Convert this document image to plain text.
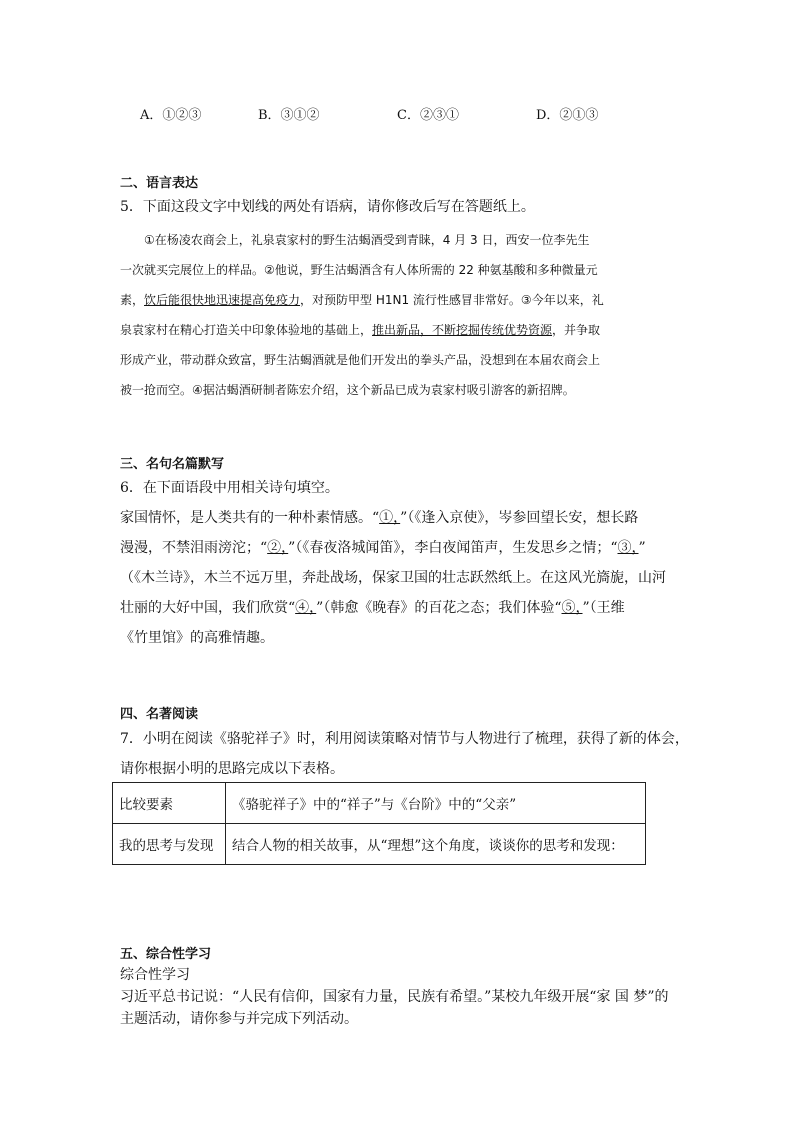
A．①②③	B．③①②	C．②③①	D．②①③
二、语言表达
5．下面这段文字中划线的两处有语病，请你修改后写在答题纸上。
　　①在杨凌农商会上，礼泉袁家村的野生沽蝎酒受到青睐，4 月 3 日，西安一位李先生
一次就买完展位上的样品。②他说，野生沽蝎酒含有人体所需的 22 种氨基酸和多种微量元
素，饮后能很快地迅速提高免疫力，对预防甲型 H1N1 流行性感冒非常好。③今年以来，礼
泉袁家村在精心打造关中印象体验地的基础上，推出新品，不断挖掘传统优势资源，并争取
形成产业，带动群众致富，野生沽蝎酒就是他们开发出的拳头产品，没想到在本届农商会上
被一抢而空。④据沽蝎酒研制者陈宏介绍，这个新品已成为袁家村吸引游客的新招牌。
三、名句名篇默写
6．在下面语段中用相关诗句填空。
家国情怀，是人类共有的一种朴素情感。“①，”（《逢入京使》，岑参回望长安，想长路
漫漫，不禁泪雨滂沱；“②，”（《春夜洛城闻笛》，李白夜闻笛声，生发思乡之情；“③，”
（《木兰诗》，木兰不远万里，奔赴战场，保家卫国的壮志跃然纸上。在这风光旖旎，山河
壮丽的大好中国，我们欣赏“④，”（韩愈《晚春》的百花之态；我们体验“⑤，”（王维
《竹里馆》的高雅情趣。
四、名著阅读
7．小明在阅读《骆驼祥子》时，利用阅读策略对情节与人物进行了梳理，获得了新的体会，
请你根据小明的思路完成以下表格。
比较要素	《骆驼祥子》中的“祥子”与《台阶》中的“父亲”
我的思考与发现	结合人物的相关故事，从“理想”这个角度，谈谈你的思考和发现：
五、综合性学习
综合性学习
习近平总书记说：“人民有信仰，国家有力量，民族有希望。”某校九年级开展“家 国 梦”的
主题活动，请你参与并完成下列活动。
